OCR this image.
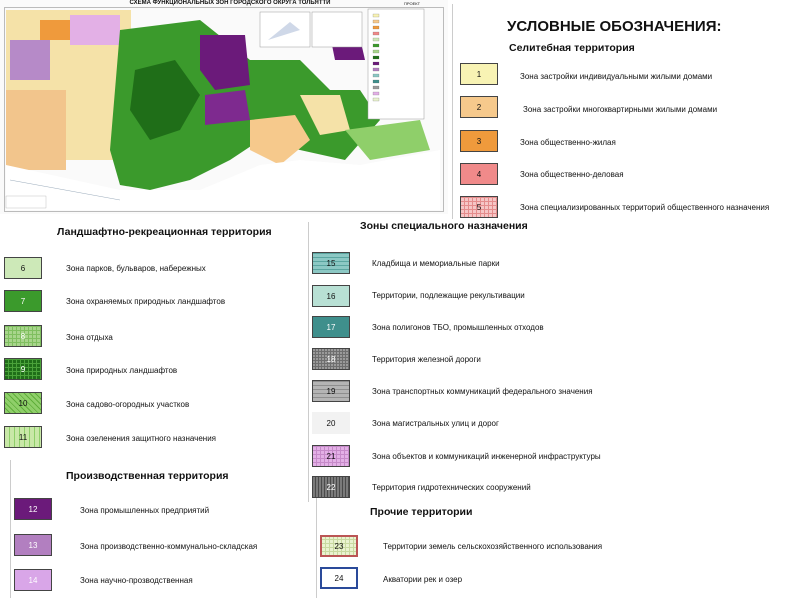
СХЕМА ФУНКЦИОНАЛЬНЫХ ЗОН ГОРОДСКОГО ОКРУГА ТОЛЬЯТТИ	ПРОЕКТ
УСЛОВНЫЕ ОБОЗНАЧЕНИЯ:
Селитебная территория
Ландшафтно-рекреационная территория	Зоны специального назначения
Производственная территория
Прочие территории
1	Зона застройки индивидуальными жилыми домами
2	Зона застройки многоквартирными жилыми домами
3	Зона общественно-жилая
4	Зона общественно-деловая
5	Зона специализированных территорий общественного назначения
6	Зона парков, бульваров, набережных
7	Зона охраняемых природных ландшафтов
8	Зона отдыха
9	Зона природных ландшафтов
10	Зона садово-огородных участков
11	Зона озеленения защитного назначения
15	Кладбища и мемориальные парки
16	Территории, подлежащие рекультивации
17	Зона полигонов ТБО, промышленных отходов
18	Территория железной дороги
19	Зона транспортных коммуникаций федерального значения
20	Зона магистральных улиц и дорог
21	Зона объектов и коммуникаций инженерной инфраструктуры
22	Территория гидротехнических сооружений
12	Зона промышленных предприятий
13	Зона производственно-коммунально-складская
14	Зона научно-прозводственная
23	Территории земель сельскохозяйственного использования
24	Акватории рек и озер
